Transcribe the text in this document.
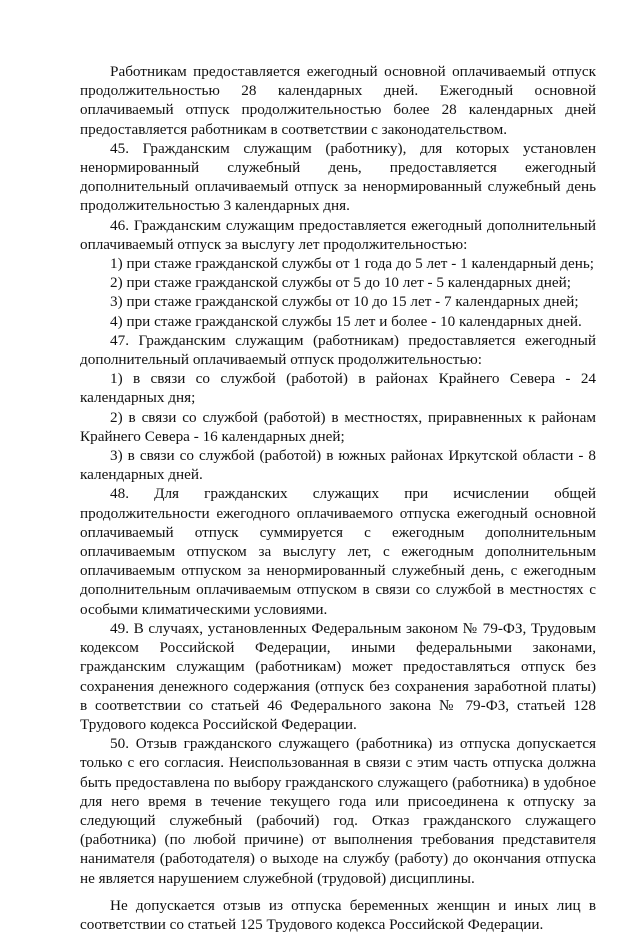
Работникам предоставляется ежегодный основной оплачиваемый отпуск продолжительностью 28 календарных дней. Ежегодный основной оплачиваемый отпуск продолжительностью более 28 календарных дней предоставляется работникам в соответствии с законодательством.

45. Гражданским служащим (работнику), для которых установлен ненормированный служебный день, предоставляется ежегодный дополнительный оплачиваемый отпуск за ненормированный служебный день продолжительностью 3 календарных дня.

46. Гражданским служащим предоставляется ежегодный дополнительный оплачиваемый отпуск за выслугу лет продолжительностью:

1) при стаже гражданской службы от 1 года до 5 лет - 1 календарный день;

2) при стаже гражданской службы от 5 до 10 лет - 5 календарных дней;

3) при стаже гражданской службы от 10 до 15 лет - 7 календарных дней;

4) при стаже гражданской службы 15 лет и более - 10 календарных дней.

47. Гражданским служащим (работникам) предоставляется ежегодный дополнительный оплачиваемый отпуск продолжительностью:

1) в связи со службой (работой) в районах Крайнего Севера - 24 календарных дня;

2) в связи со службой (работой) в местностях, приравненных к районам Крайнего Севера - 16 календарных дней;

3) в связи со службой (работой) в южных районах Иркутской области - 8 календарных дней.

48. Для гражданских служащих при исчислении общей продолжительности ежегодного оплачиваемого отпуска ежегодный основной оплачиваемый отпуск суммируется с ежегодным дополнительным оплачиваемым отпуском за выслугу лет, с ежегодным дополнительным оплачиваемым отпуском за ненормированный служебный день, с ежегодным дополнительным оплачиваемым отпуском в связи со службой в местностях с особыми климатическими условиями.

49. В случаях, установленных Федеральным законом № 79-ФЗ, Трудовым кодексом Российской Федерации, иными федеральными законами, гражданским служащим (работникам) может предоставляться отпуск без сохранения денежного содержания (отпуск без сохранения заработной платы) в соответствии со статьей 46 Федерального закона № 79-ФЗ, статьей 128 Трудового кодекса Российской Федерации.

50. Отзыв гражданского служащего (работника) из отпуска допускается только с его согласия. Неиспользованная в связи с этим часть отпуска должна быть предоставлена по выбору гражданского служащего (работника) в удобное для него время в течение текущего года или присоединена к отпуску за следующий служебный (рабочий) год. Отказ гражданского служащего (работника) (по любой причине) от выполнения требования представителя нанимателя (работодателя) о выходе на службу (работу) до окончания отпуска не является нарушением служебной (трудовой) дисциплины.

Не допускается отзыв из отпуска беременных женщин и иных лиц в соответствии со статьей 125 Трудового кодекса Российской Федерации.
